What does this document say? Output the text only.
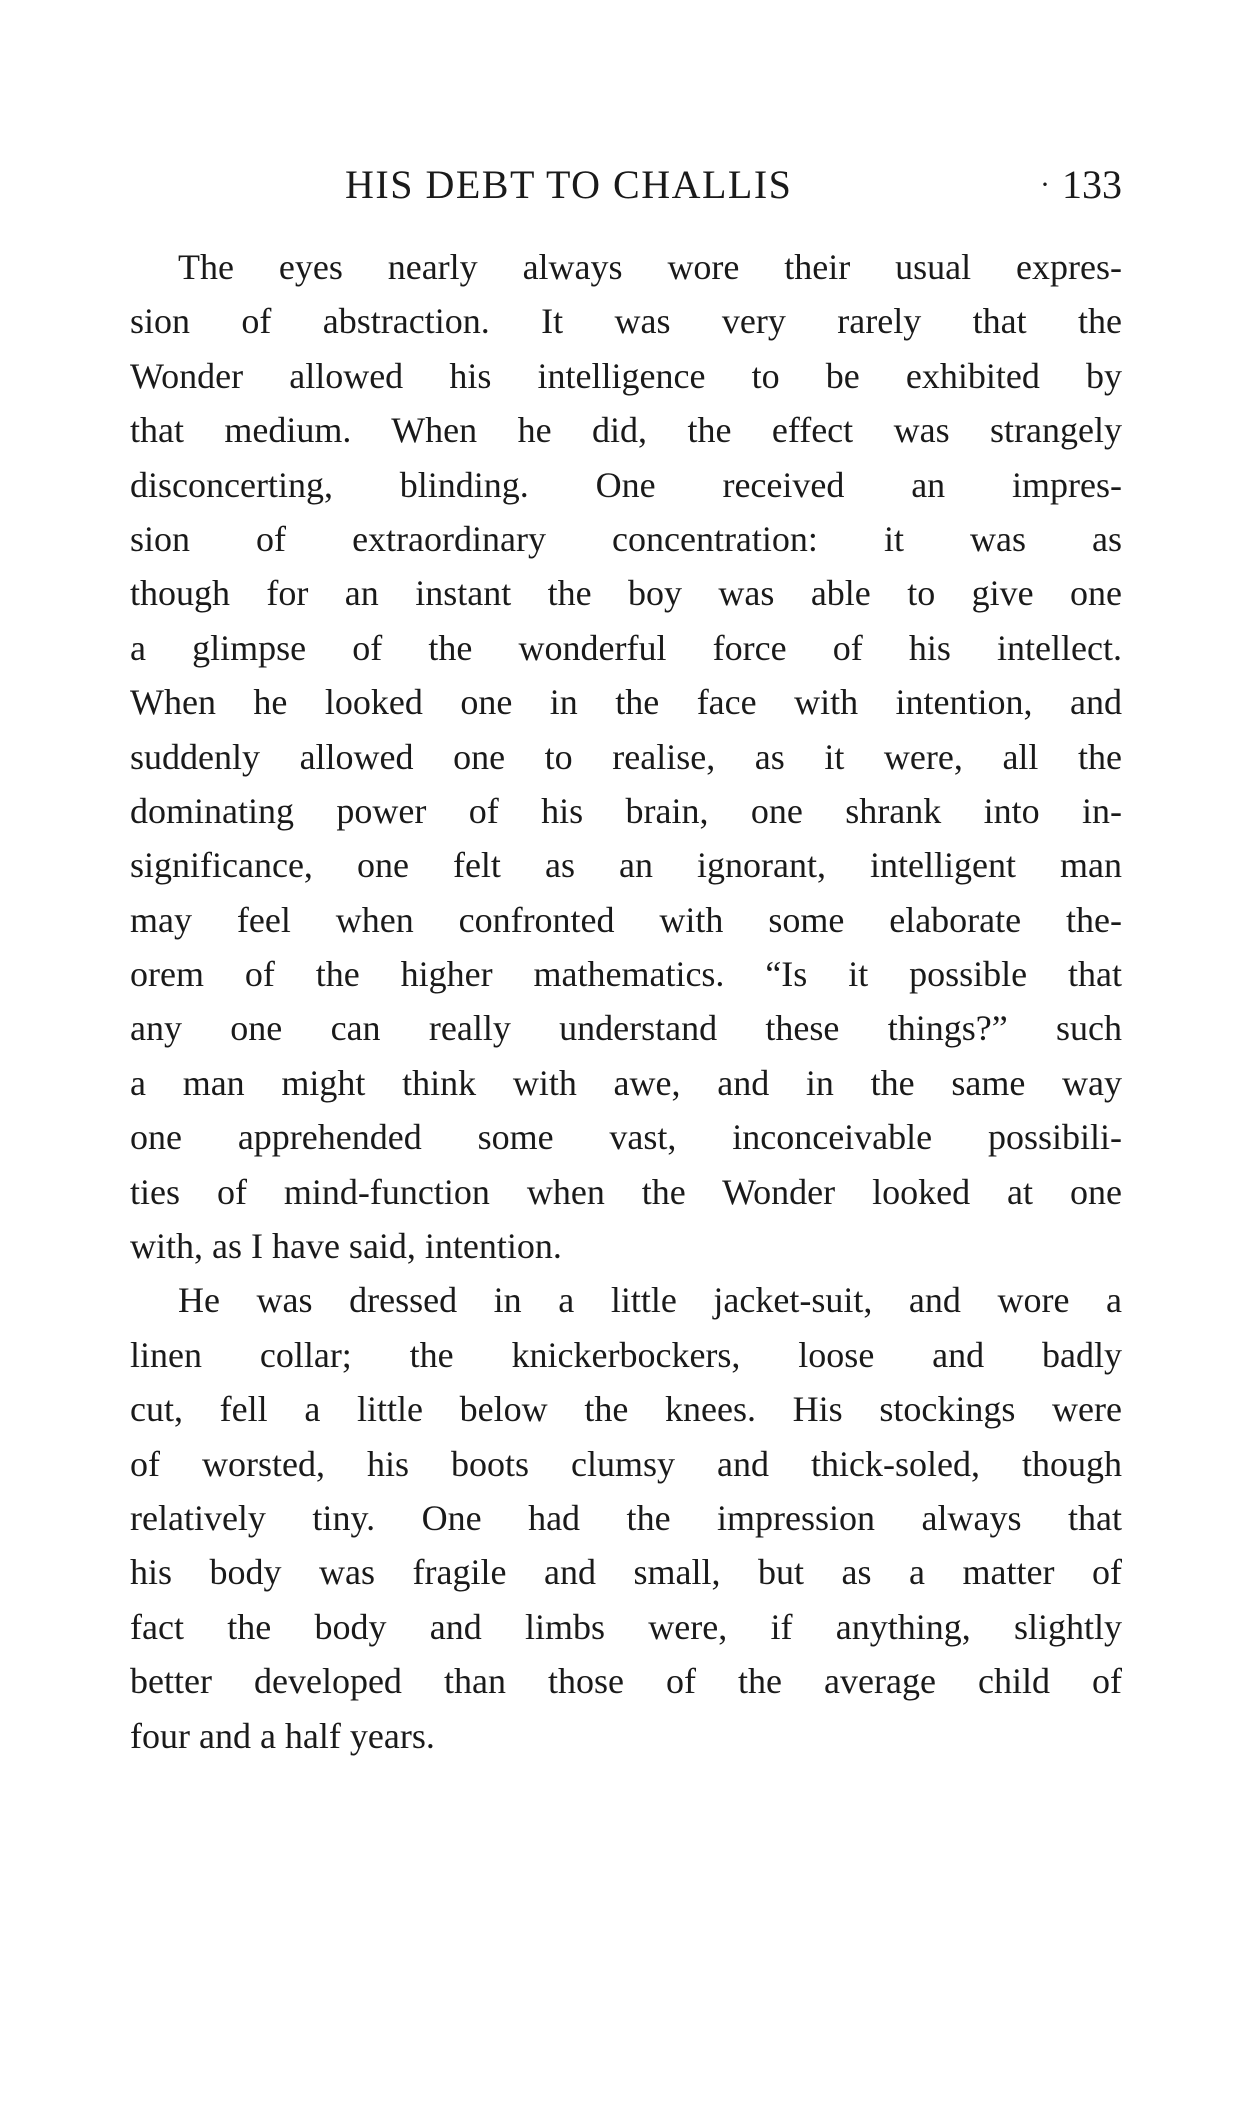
HIS DEBT TO CHALLIS	· 133
The eyes nearly always wore their usual expres-
sion of abstraction. It was very rarely that the
Wonder allowed his intelligence to be exhibited by
that medium. When he did, the effect was strangely
disconcerting, blinding. One received an impres-
sion of extraordinary concentration: it was as
though for an instant the boy was able to give one
a glimpse of the wonderful force of his intellect.
When he looked one in the face with intention, and
suddenly allowed one to realise, as it were, all the
dominating power of his brain, one shrank into in-
significance, one felt as an ignorant, intelligent man
may feel when confronted with some elaborate the-
orem of the higher mathematics. “Is it possible that
any one can really understand these things?” such
a man might think with awe, and in the same way
one apprehended some vast, inconceivable possibili-
ties of mind-function when the Wonder looked at one
with, as I have said, intention.
He was dressed in a little jacket-suit, and wore a
linen collar; the knickerbockers, loose and badly
cut, fell a little below the knees. His stockings were
of worsted, his boots clumsy and thick-soled, though
relatively tiny. One had the impression always that
his body was fragile and small, but as a matter of
fact the body and limbs were, if anything, slightly
better developed than those of the average child of
four and a half years.
